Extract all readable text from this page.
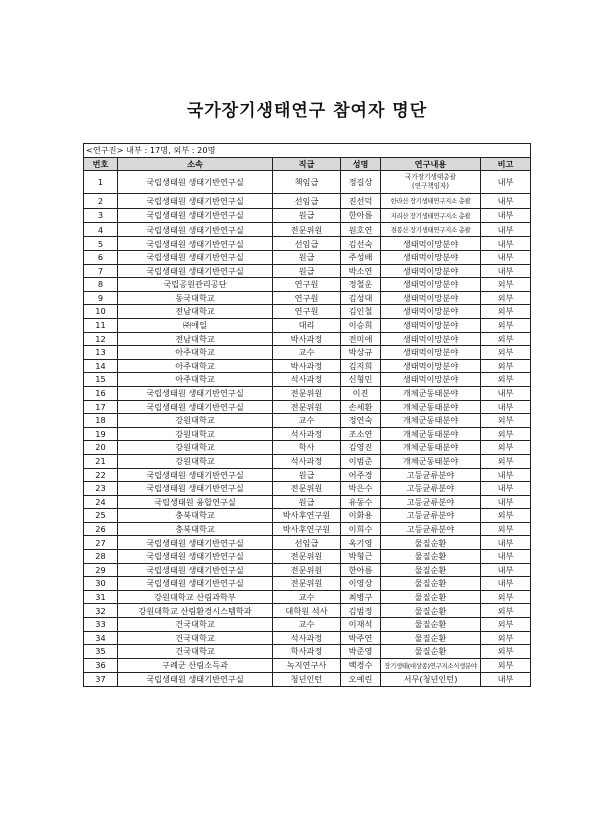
국가장기생태연구 참여자 명단
<연구진> 내부 : 17명, 외부 : 20명					
번호	소속	직급	성명	연구내용	비고
1	국립생태원 생태기반연구실	책임급	정길상	국가장기생태총괄
(연구책임자)	내부
2	국립생태원 생태기반연구실	선임급	진선덕	한라산 장기생태연구지소 총괄	내부
3	국립생태원 생태기반연구실	원급	한아름	지리산 장기생태연구지소 총괄	내부
4	국립생태원 생태기반연구실	전문위원	원호연	점봉산 장기생태연구지소 총괄	내부
5	국립생태원 생태기반연구실	선임급	김선숙	생태먹이망분야	내부
6	국립생태원 생태기반연구실	원급	주성배	생태먹이망분야	내부
7	국립생태원 생태기반연구실	원급	박소연	생태먹이망분야	내부
8	국립공원관리공단	연구원	정철운	생태먹이망분야	외부
9	동국대학교	연구원	김성대	생태먹이망분야	외부
10	전남대학교	연구원	김인철	생태먹이망분야	외부
11	㈜애일	대리	이승희	생태먹이망분야	외부
12	전남대학교	박사과정	전미애	생태먹이망분야	외부
13	아주대학교	교수	박상규	생태먹이망분야	외부
14	아주대학교	박사과정	김지희	생태먹이망분야	외부
15	아주대학교	석사과정	신형민	생태먹이망분야	외부
16	국립생태원 생태기반연구실	전문위원	이진	개체군동태분야	내부
17	국립생태원 생태기반연구실	전문위원	손세환	개체군동태분야	내부
18	강원대학교	교수	정연숙	개체군동태분야	외부
19	강원대학교	석사과정	조소연	개체군동태분야	외부
20	강원대학교	학사	김영진	개체군동태분야	외부
21	강원대학교	석사과정	이범준	개체군동태분야	외부
22	국립생태원 생태기반연구실	원급	어주경	고등균류분야	내부
23	국립생태원 생태기반연구실	전문위원	박은수	고등균류분야	내부
24	국립생태원 융합연구실	원급	유동수	고등균류분야	내부
25	충북대학교	박사후연구원	이화용	고등균류분야	외부
26	충북대학교	박사후연구원	이희수	고등균류분야	외부
27	국립생태원 생태기반연구실	선임급	옥기영	물질순환	내부
28	국립생태원 생태기반연구실	전문위원	박형근	물질순환	내부
29	국립생태원 생태기반연구실	전문위원	한아름	물질순환	내부
30	국립생태원 생태기반연구실	전문위원	이영상	물질순환	내부
31	강원대학교 산림과학부	교수	최병구	물질순환	외부
32	강원대학교 산림환경시스템학과	대학원 석사	김범정	물질순환	외부
33	건국대학교	교수	이재석	물질순환	외부
34	건국대학교	석사과정	박주연	물질순환	외부
35	건국대학교	학사과정	박준영	물질순환	외부
36	구례군 산림소득과	녹지연구사	백경수	장기생태(대상종)연구지소식생분야	외부
37	국립생태원 생태기반연구실	청년인턴	오예린	서무(청년인턴)	내부
